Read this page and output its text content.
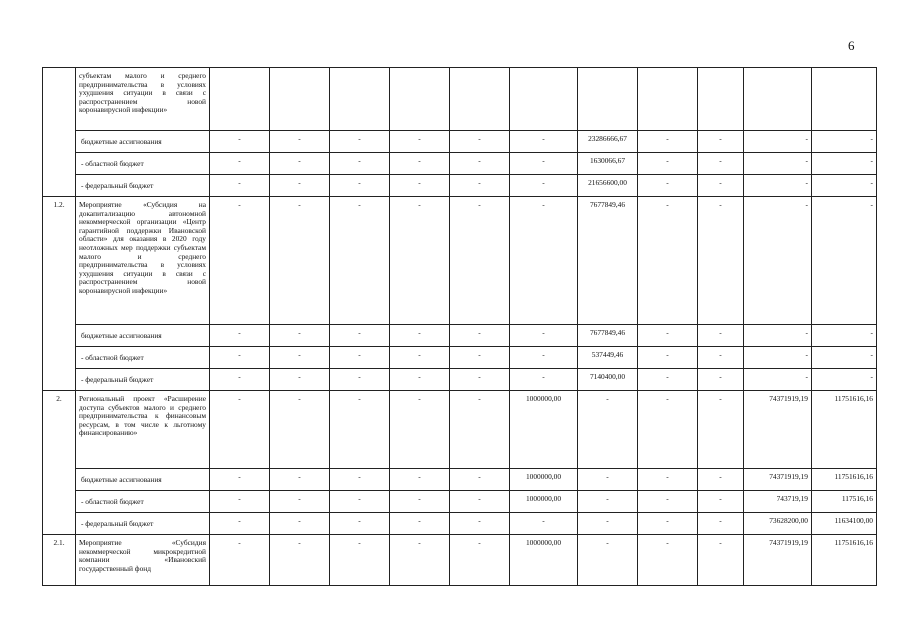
6
	субъектам малого и среднего предпринимательства в условиях ухудшения ситуации в связи с распространением новой коронавирусной инфекции»											
	бюджетные ассигнования	-	-	-	-	-	-	23286666,67	-	-	-	-
	- областной бюджет	-	-	-	-	-	-	1630066,67	-	-	-	-
	- федеральный бюджет	-	-	-	-	-	-	21656600,00	-	-	-	-
1.2.	Мероприятие «Субсидия на докапитализацию автономной некоммерческой организации «Центр гарантийной поддержки Ивановской области» для оказания в 2020 году неотложных мер поддержки субъектам малого и среднего предпринимательства в условиях ухудшения ситуации в связи с распространением новой коронавирусной инфекции»	-	-	-	-	-	-	7677849,46	-	-	-	-
	бюджетные ассигнования	-	-	-	-	-	-	7677849,46	-	-	-	-
	- областной бюджет	-	-	-	-	-	-	537449,46	-	-	-	-
	- федеральный бюджет	-	-	-	-	-	-	7140400,00	-	-	-	-
2.	Региональный проект «Расширение доступа субъектов малого и среднего предпринимательства к финансовым ресурсам, в том числе к льготному финансированию»	-	-	-	-	-	1000000,00	-	-	-	74371919,19	11751616,16
	бюджетные ассигнования	-	-	-	-	-	1000000,00	-	-	-	74371919,19	11751616,16
	- областной бюджет	-	-	-	-	-	1000000,00	-	-	-	743719,19	117516,16
	- федеральный бюджет	-	-	-	-	-	-	-	-	-	73628200,00	11634100,00
2.1.	Мероприятие «Субсидия некоммерческой микрокредитной компании «Ивановский государственный фонд	-	-	-	-	-	1000000,00	-	-	-	74371919,19	11751616,16
